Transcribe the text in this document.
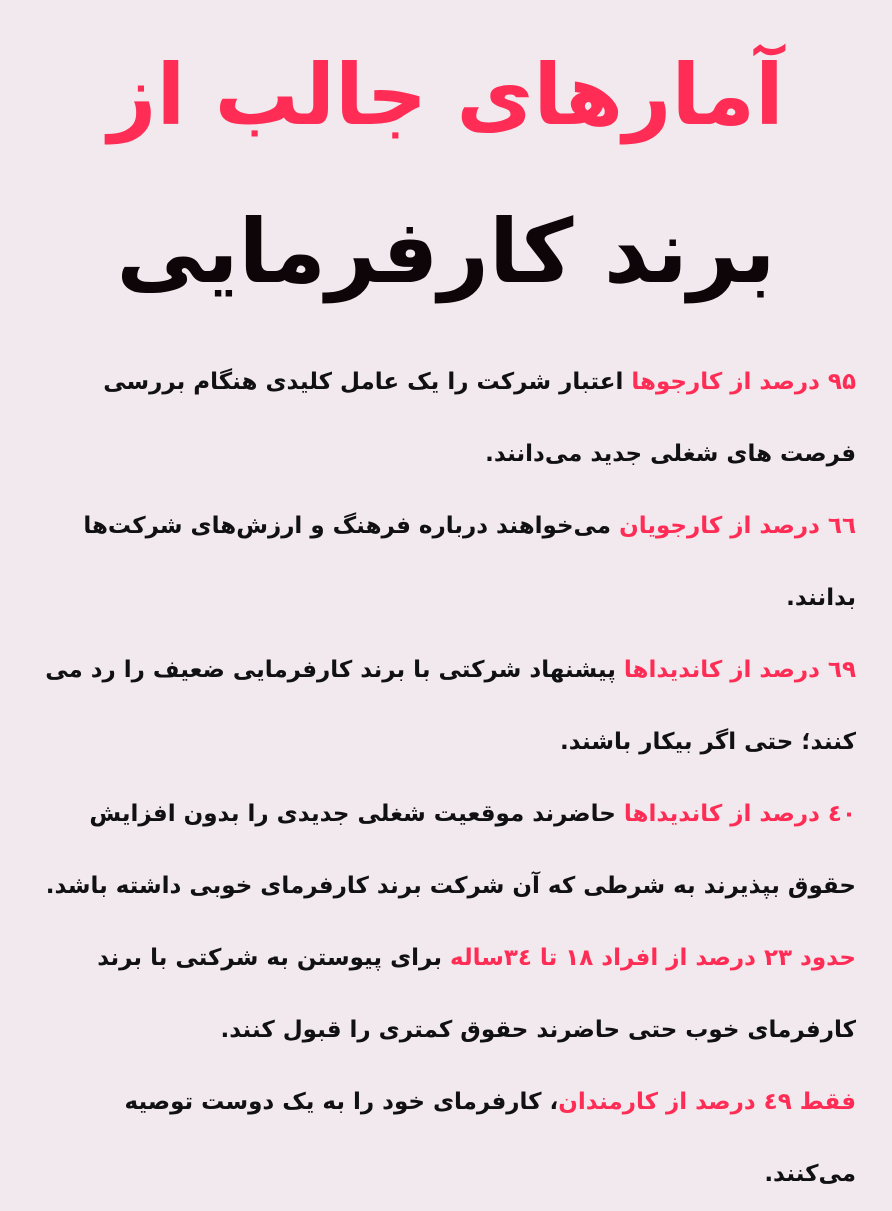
آمارهای جالب از
برند کارفرمایی

۹۵ درصد از کارجوها اعتبار شرکت را یک عامل کلیدی هنگام بررسی فرصت های شغلی جدید می‌دانند.

٦٦ درصد از کارجویان می‌خواهند درباره فرهنگ و ارزش‌های شرکت‌ها بدانند.

٦٩ درصد از کاندیداها پیشنهاد شرکتی با برند کارفرمایی ضعیف را رد می کنند؛ حتی اگر بیکار باشند.

٤٠ درصد از کاندیداها حاضرند موقعیت شغلی جدیدی را بدون افزایش حقوق بپذیرند به شرطی که آن شرکت برند کارفرمای خوبی داشته باشد.

حدود ۲۳ درصد از افراد ۱۸ تا ۳٤ساله برای پیوستن به شرکتی با برند کارفرمای خوب حتی حاضرند حقوق کمتری را قبول کنند.

فقط ٤۹ درصد از کارمندان، کارفرمای خود را به یک دوست توصیه می‌کنند.
